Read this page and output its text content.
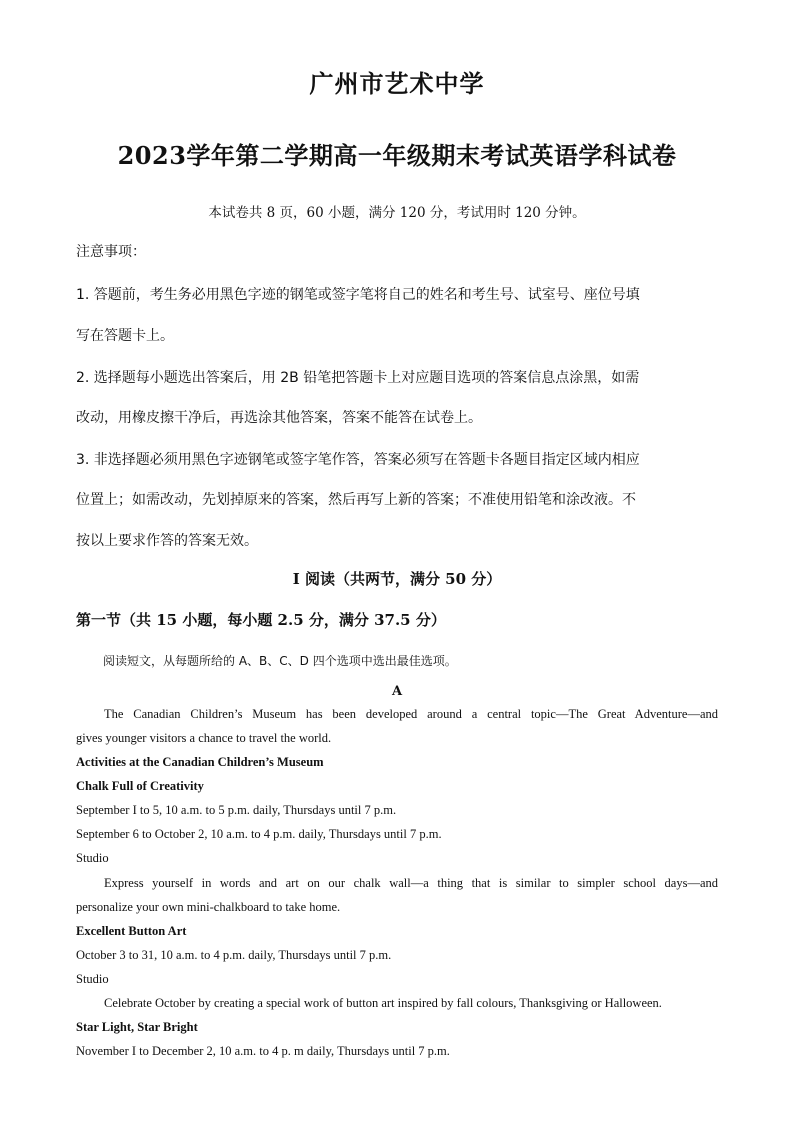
广州市艺术中学
2023学年第二学期高一年级期末考试英语学科试卷
本试卷共 8 页，60 小题，满分 120 分，考试用时 120 分钟。
注意事项：
1. 答题前，考生务必用黑色字迹的钢笔或签字笔将自己的姓名和考生号、试室号、座位号填
写在答题卡上。
2. 选择题每小题选出答案后，用 2B 铅笔把答题卡上对应题目选项的答案信息点涂黑，如需
改动，用橡皮擦干净后，再选涂其他答案，答案不能答在试卷上。
3. 非选择题必须用黑色字迹钢笔或签字笔作答，答案必须写在答题卡各题目指定区域内相应
位置上；如需改动，先划掉原来的答案，然后再写上新的答案；不准使用铅笔和涂改液。不
按以上要求作答的答案无效。
I 阅读（共两节，满分 50 分）
第一节（共 15 小题，每小题 2.5 分，满分 37.5 分）
阅读短文，从每题所给的 A、B、C、D 四个选项中选出最佳选项。
A
The Canadian Children’s Museum has been developed around a central topic—The Great Adventure—and
gives younger visitors a chance to travel the world.
Activities at the Canadian Children’s Museum
Chalk Full of Creativity
September I to 5, 10 a.m. to 5 p.m. daily, Thursdays until 7 p.m.
September 6 to October 2, 10 a.m. to 4 p.m. daily, Thursdays until 7 p.m.
Studio
Express yourself in words and art on our chalk wall—a thing that is similar to simpler school days—and
personalize your own mini-chalkboard to take home.
Excellent Button Art
October 3 to 31, 10 a.m. to 4 p.m. daily, Thursdays until 7 p.m.
Studio
Celebrate October by creating a special work of button art inspired by fall colours, Thanksgiving or Halloween.
Star Light, Star Bright
November I to December 2, 10 a.m. to 4 p. m daily, Thursdays until 7 p.m.
